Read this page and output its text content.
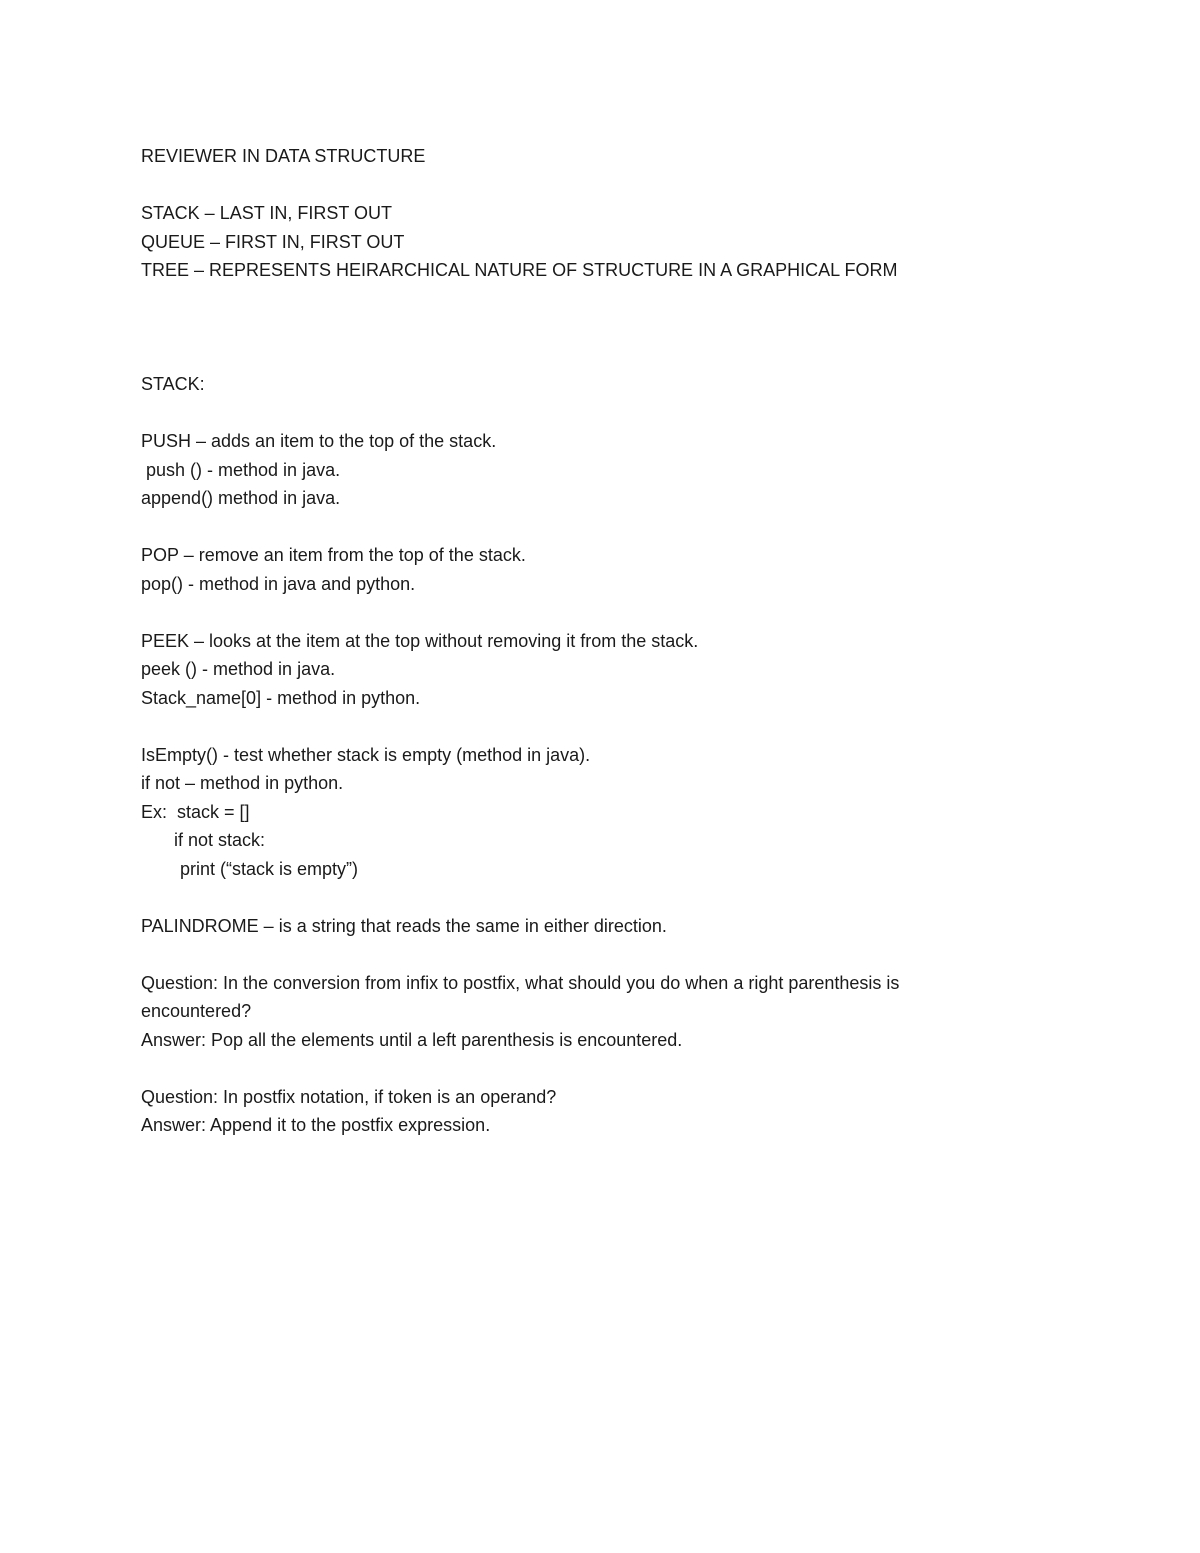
REVIEWER IN DATA STRUCTURE
STACK – LAST IN, FIRST OUT
QUEUE – FIRST IN, FIRST OUT
TREE – REPRESENTS HEIRARCHICAL NATURE OF STRUCTURE IN A GRAPHICAL FORM
STACK:
PUSH – adds an item to the top of the stack.
push () - method in java.
append() method in java.
POP – remove an item from the top of the stack.
pop() - method in java and python.
PEEK – looks at the item at the top without removing it from the stack.
peek () - method in java.
Stack_name[0] - method in python.
IsEmpty() - test whether stack is empty (method in java).
if not – method in python.
Ex:  stack = []
if not stack:
print (“stack is empty”)
PALINDROME – is a string that reads the same in either direction.
Question: In the conversion from infix to postfix, what should you do when a right parenthesis is
encountered?
Answer: Pop all the elements until a left parenthesis is encountered.
Question: In postfix notation, if token is an operand?
Answer: Append it to the postfix expression.
